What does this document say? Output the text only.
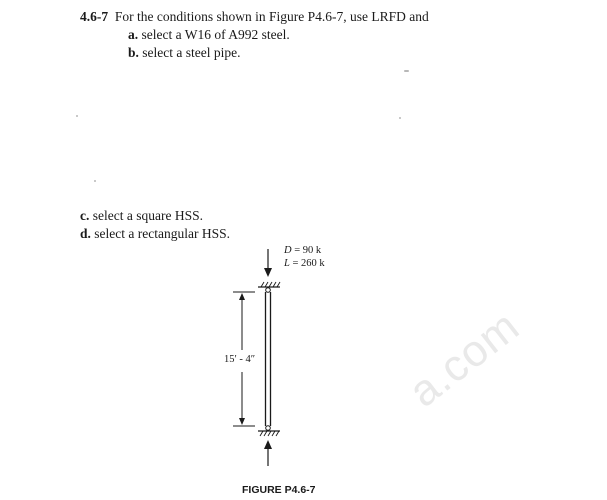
4.6-7 For the conditions shown in Figure P4.6-7, use LRFD and
a. select a W16 of A992 steel.
b. select a steel pipe.
c. select a square HSS.
d. select a rectangular HSS.
a.com
D = 90 k
L = 260 k
15′ - 4″
FIGURE P4.6-7
